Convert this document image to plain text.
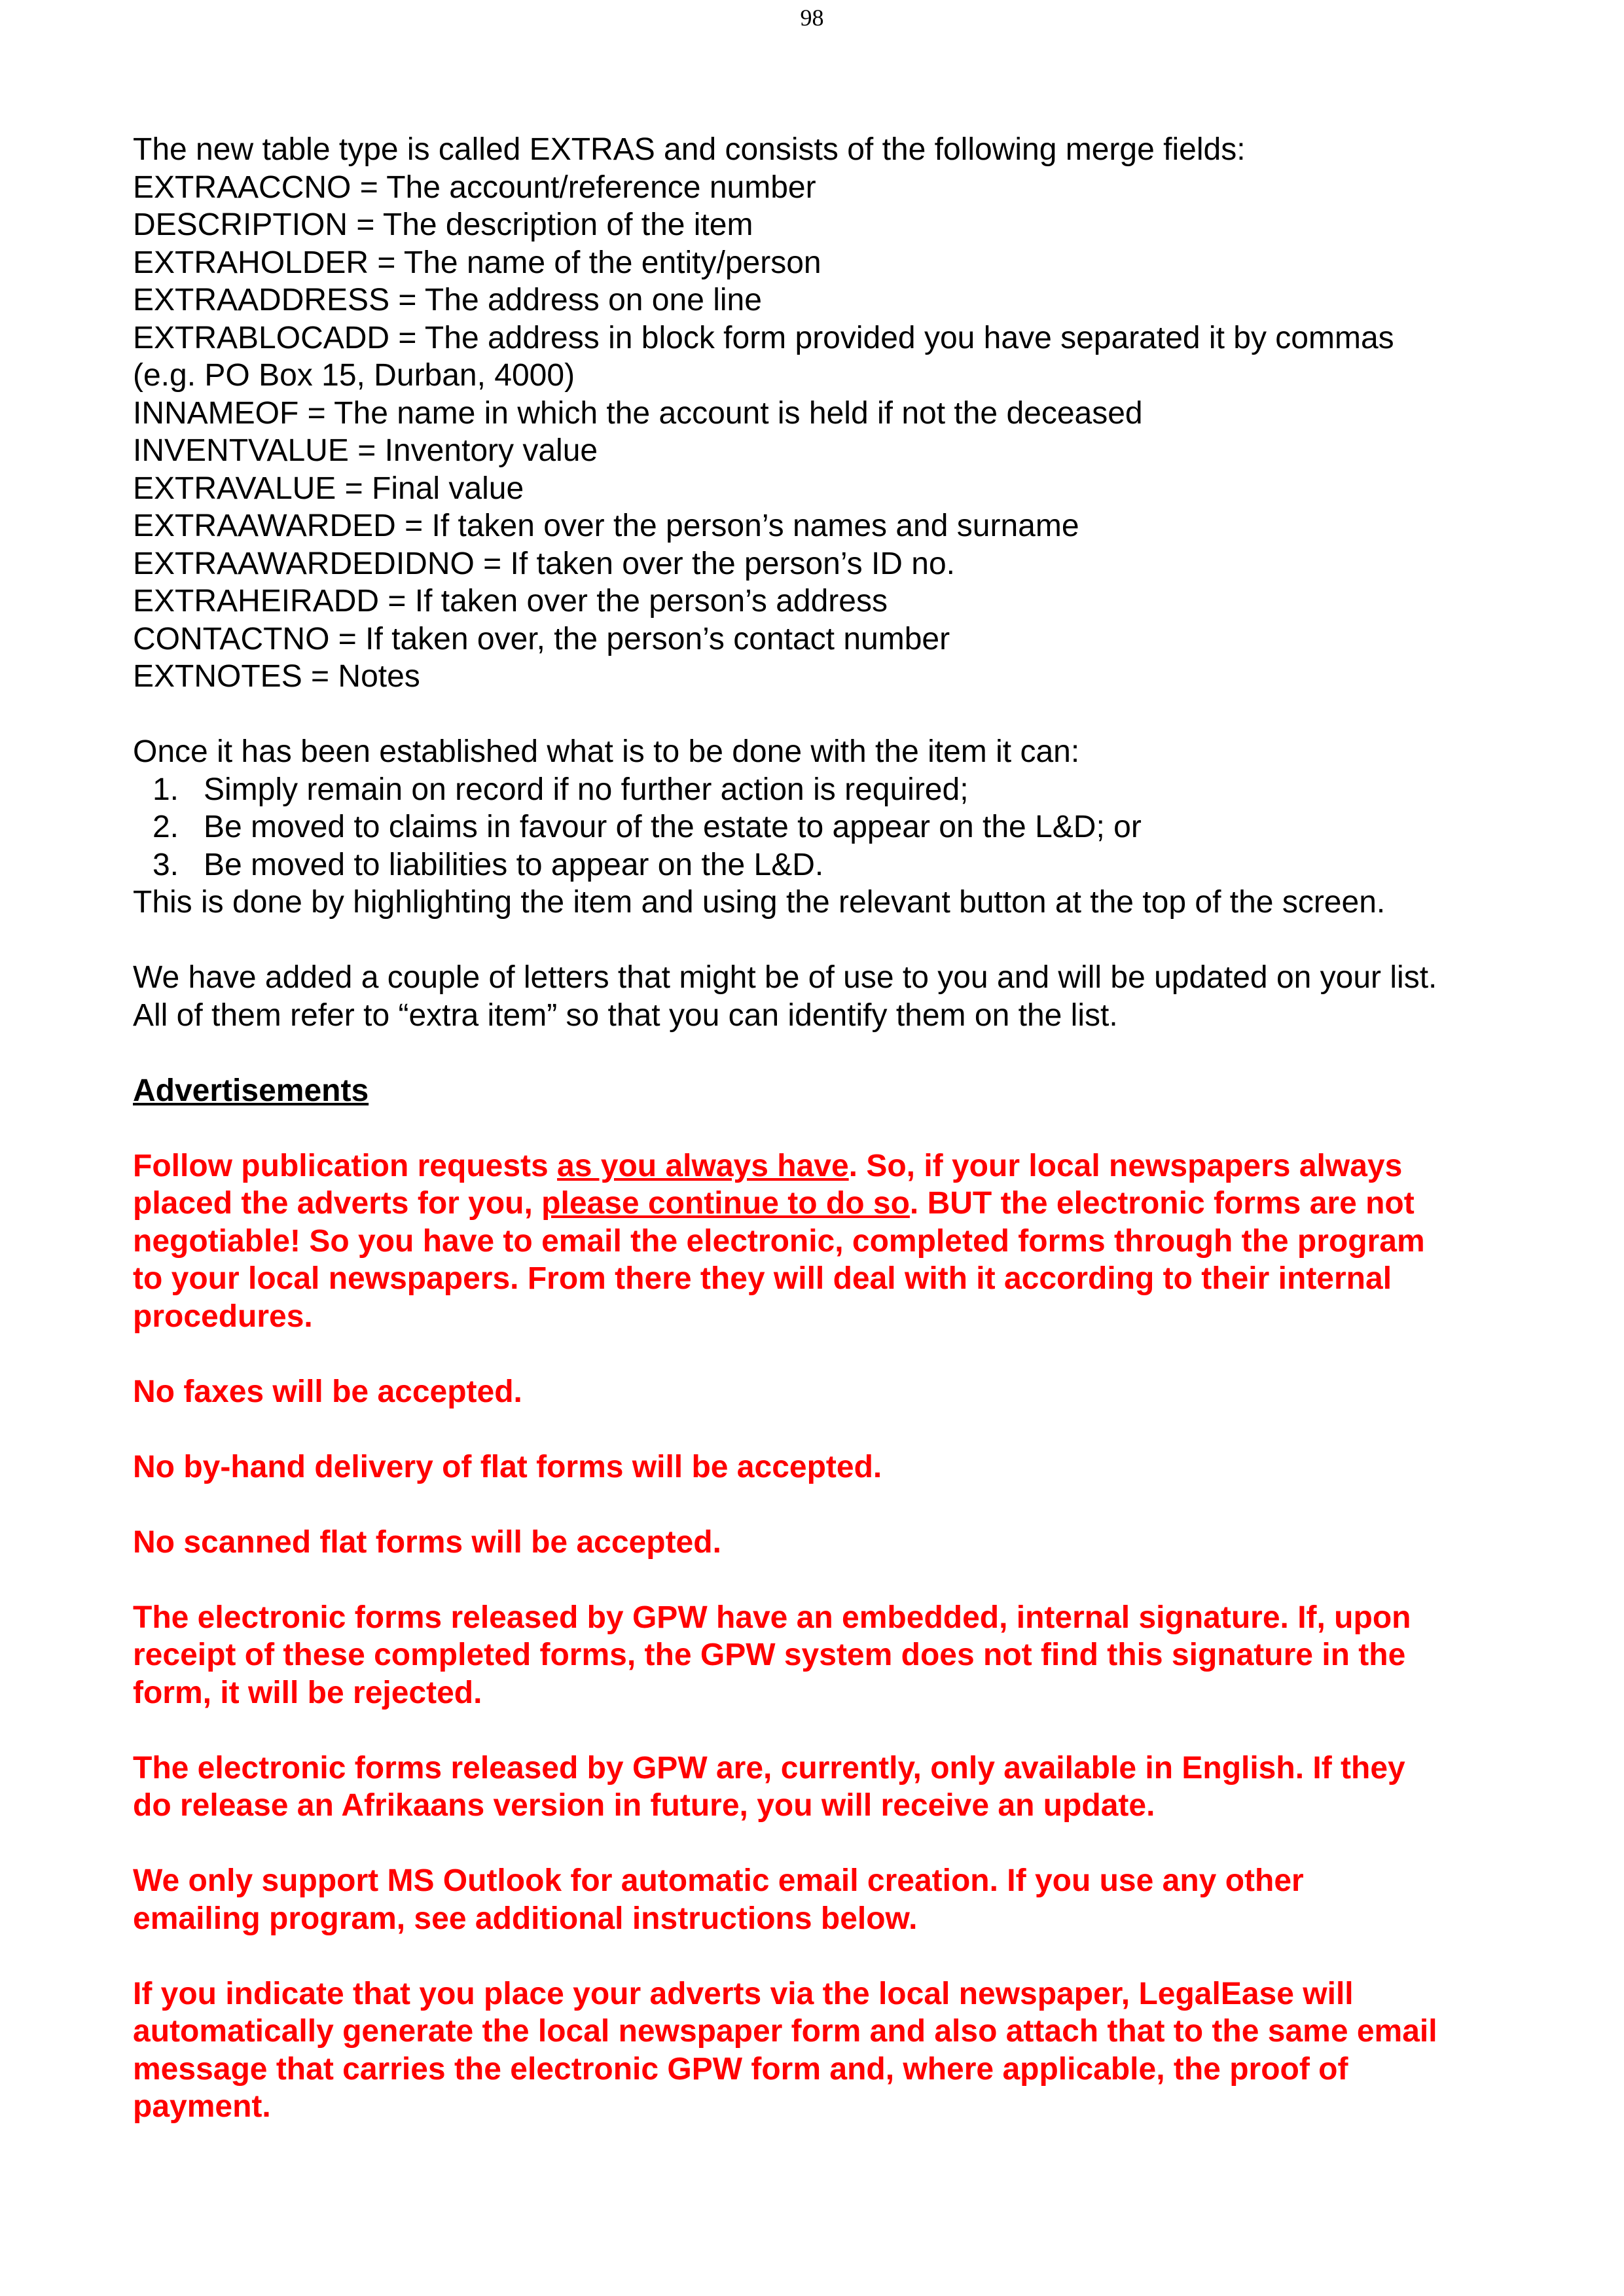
98
The new table type is called EXTRAS and consists of the following merge fields:
EXTRAACCNO = The account/reference number
DESCRIPTION = The description of the item
EXTRAHOLDER = The name of the entity/person
EXTRAADDRESS = The address on one line
EXTRABLOCADD = The address in block form provided you have separated it by commas
(e.g. PO Box 15, Durban, 4000)
INNAMEOF = The name in which the account is held if not the deceased
INVENTVALUE = Inventory value
EXTRAVALUE = Final value
EXTRAAWARDED = If taken over the person’s names and surname
EXTRAAWARDEDIDNO = If taken over the person’s ID no.
EXTRAHEIRADD = If taken over the person’s address
CONTACTNO = If taken over, the person’s contact number
EXTNOTES = Notes
Once it has been established what is to be done with the item it can:
1. Simply remain on record if no further action is required;
2. Be moved to claims in favour of the estate to appear on the L&D; or
3. Be moved to liabilities to appear on the L&D.
This is done by highlighting the item and using the relevant button at the top of the screen.
We have added a couple of letters that might be of use to you and will be updated on your list.
All of them refer to “extra item” so that you can identify them on the list.
Advertisements
Follow publication requests as you always have. So, if your local newspapers always
placed the adverts for you, please continue to do so. BUT the electronic forms are not
negotiable! So you have to email the electronic, completed forms through the program
to your local newspapers. From there they will deal with it according to their internal
procedures.
No faxes will be accepted.
No by-hand delivery of flat forms will be accepted.
No scanned flat forms will be accepted.
The electronic forms released by GPW have an embedded, internal signature. If, upon
receipt of these completed forms, the GPW system does not find this signature in the
form, it will be rejected.
The electronic forms released by GPW are, currently, only available in English. If they
do release an Afrikaans version in future, you will receive an update.
We only support MS Outlook for automatic email creation. If you use any other
emailing program, see additional instructions below.
If you indicate that you place your adverts via the local newspaper, LegalEase will
automatically generate the local newspaper form and also attach that to the same email
message that carries the electronic GPW form and, where applicable, the proof of
payment.
